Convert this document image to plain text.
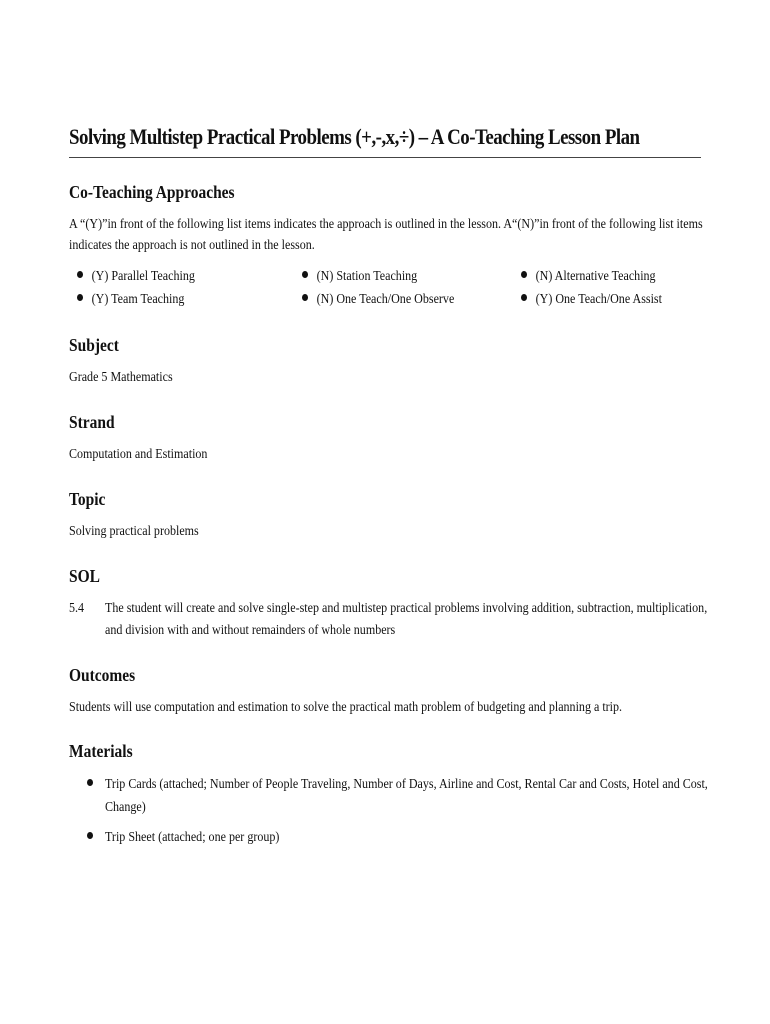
Solving Multistep Practical Problems (+,-,x,÷) – A Co-Teaching Lesson Plan
Co-Teaching Approaches

A “(Y)”in front of the following list items indicates the approach is outlined in the lesson. A“(N)”in front of the following list items

indicates the approach is not outlined in the lesson.

(Y) Parallel Teaching
(Y) Team Teaching
(N) Station Teaching
(N) One Teach/One Observe
(N) Alternative Teaching
(Y) One Teach/One Assist
Subject

Grade 5 Mathematics

Strand

Computation and Estimation

Topic

Solving practical problems

SOL

5.4 The student will create and solve single-step and multistep practical problems involving addition, subtraction, multiplication,

and division with and without remainders of whole numbers

Outcomes

Students will use computation and estimation to solve the practical math problem of budgeting and planning a trip.

Materials

Trip Cards (attached; Number of People Traveling, Number of Days, Airline and Cost, Rental Car and Costs, Hotel and Cost,

Change)

Trip Sheet (attached; one per group)
